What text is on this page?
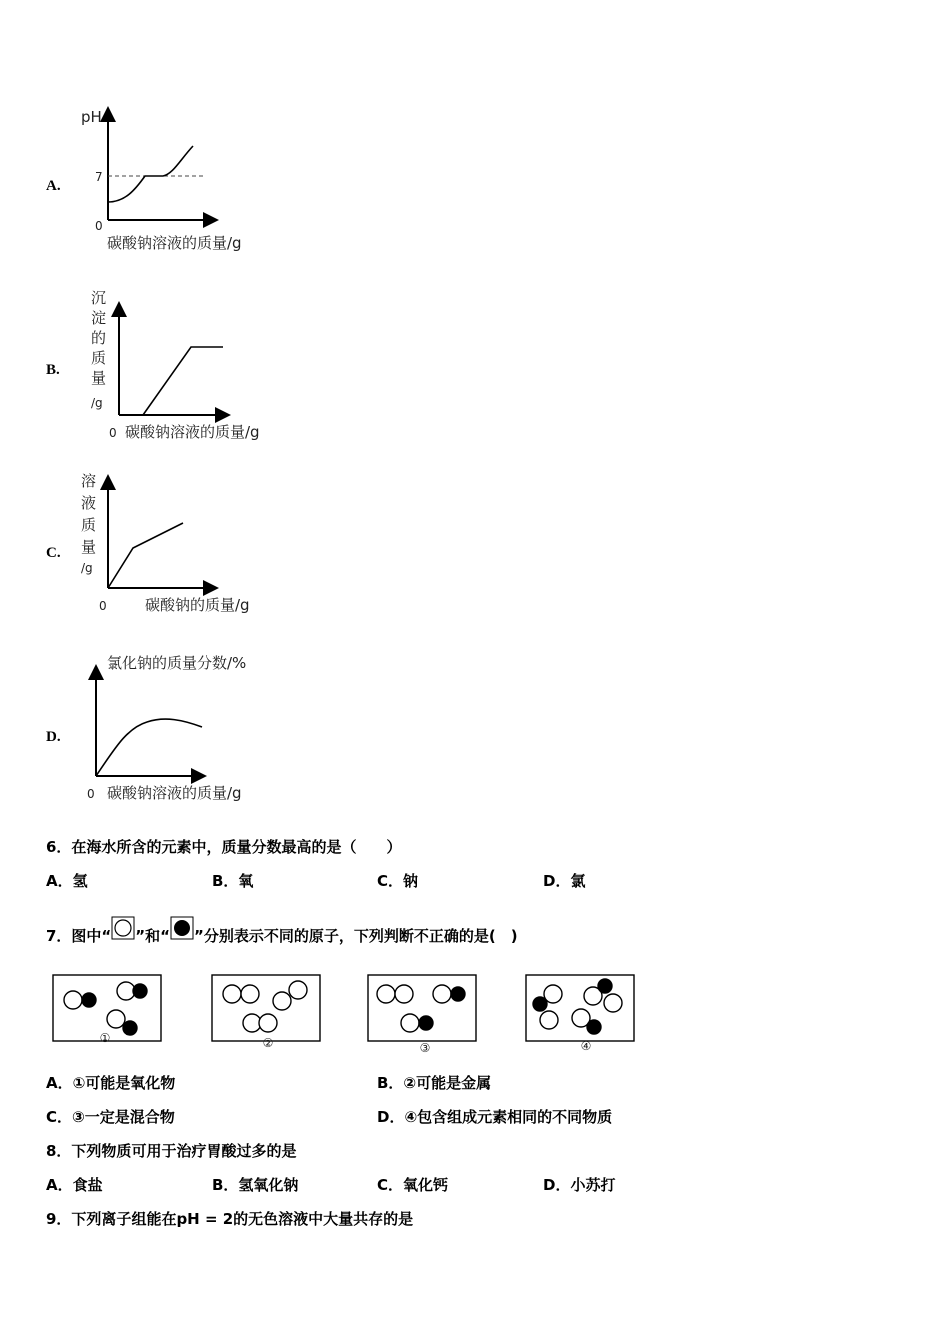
A.
pH
7
0
碳酸钠溶液的质量/g
B.
沉
淀
的
质
量
/g
0 碳酸钠溶液的质量/g
C.
溶
液
质
量
/g
0	碳酸钠的质量/g
D.
氯化钠的质量分数/%
0 碳酸钠溶液的质量/g
6．在海水所含的元素中，质量分数最高的是（　　）
A．氢	B．氧	C．钠	D．氯
7．图中“ ”和“ ”分别表示不同的原子，下列判断不正确的是(　)
①	②	③	④
A．①可能是氧化物	B．②可能是金属
C．③一定是混合物	D．④包含组成元素相同的不同物质
8．下列物质可用于治疗胃酸过多的是
A．食盐	B．氢氧化钠	C．氧化钙	D．小苏打
9．下列离子组能在pH = 2的无色溶液中大量共存的是
